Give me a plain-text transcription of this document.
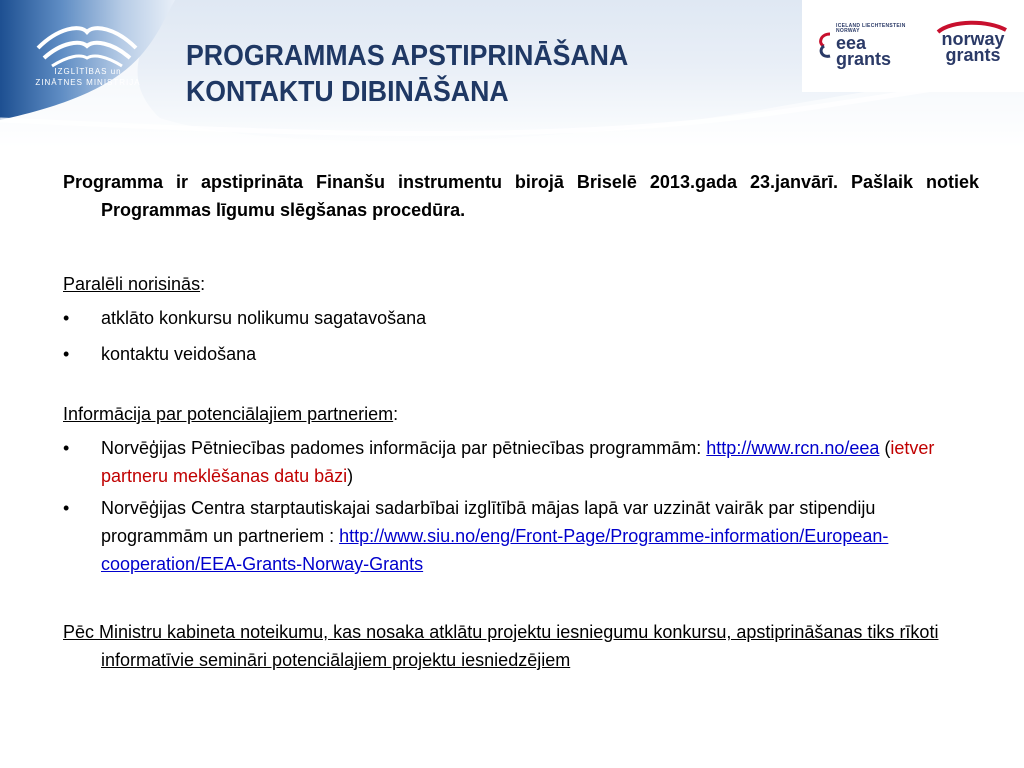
IZGLĪTĪBAS un ZINĀTNES MINISTRIJA
PROGRAMMAS APSTIPRINĀŠANA
KONTAKTU DIBINĀŠANA
ICELAND LIECHTENSTEIN NORWAY
eea
grants
norway
grants

Programma ir apstiprināta Finanšu instrumentu birojā Briselē 2013.gada 23.janvārī. Pašlaik notiek Programmas līgumu slēgšanas procedūra.

Paralēli norisinās:

•	atklāto konkursu nolikumu sagatavošana
•	kontaktu veidošana

Informācija par potenciālajiem partneriem:

•	Norvēģijas Pētniecības padomes informācija par pētniecības programmām: http://www.rcn.no/eea (ietver partneru meklēšanas datu bāzi)
•	Norvēģijas Centra starptautiskajai sadarbībai izglītībā mājas lapā var uzzināt vairāk par stipendiju programmām un partneriem : http://www.siu.no/eng/Front-Page/Programme-information/European-cooperation/EEA-Grants-Norway-Grants

Pēc Ministru kabineta noteikumu, kas nosaka atklātu projektu iesniegumu konkursu, apstiprināšanas tiks rīkoti informatīvie semināri potenciālajiem projektu iesniedzējiem
